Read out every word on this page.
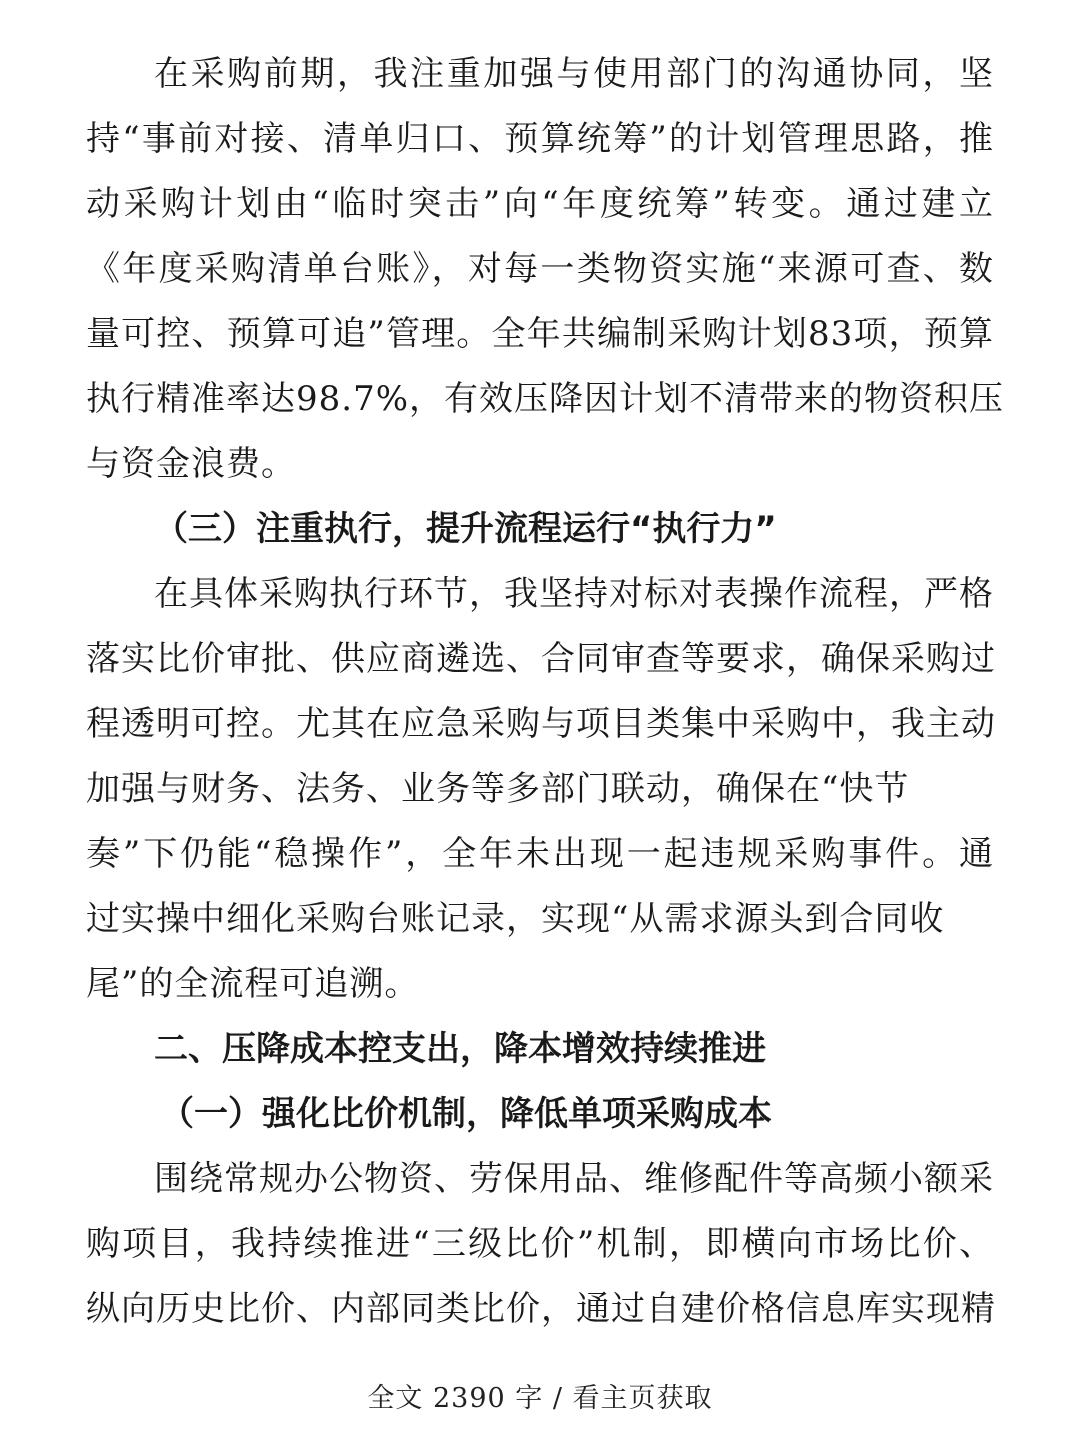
在采购前期，我注重加强与使用部门的沟通协同，坚
持“事前对接、清单归口、预算统筹”的计划管理思路，推
动采购计划由“临时突击”向“年度统筹”转变。通过建立
《年度采购清单台账》，对每一类物资实施“来源可查、数
量可控、预算可追”管理。全年共编制采购计划83项，预算
执行精准率达98.7%，有效压降因计划不清带来的物资积压
与资金浪费。
（三）注重执行，提升流程运行“执行力”
在具体采购执行环节，我坚持对标对表操作流程，严格
落实比价审批、供应商遴选、合同审查等要求，确保采购过
程透明可控。尤其在应急采购与项目类集中采购中，我主动
加强与财务、法务、业务等多部门联动，确保在“快节
奏”下仍能“稳操作”，全年未出现一起违规采购事件。通
过实操中细化采购台账记录，实现“从需求源头到合同收
尾”的全流程可追溯。
二、压降成本控支出，降本增效持续推进
（一）强化比价机制，降低单项采购成本
围绕常规办公物资、劳保用品、维修配件等高频小额采
购项目，我持续推进“三级比价”机制，即横向市场比价、
纵向历史比价、内部同类比价，通过自建价格信息库实现精
全文 2390 字 / 看主页获取
